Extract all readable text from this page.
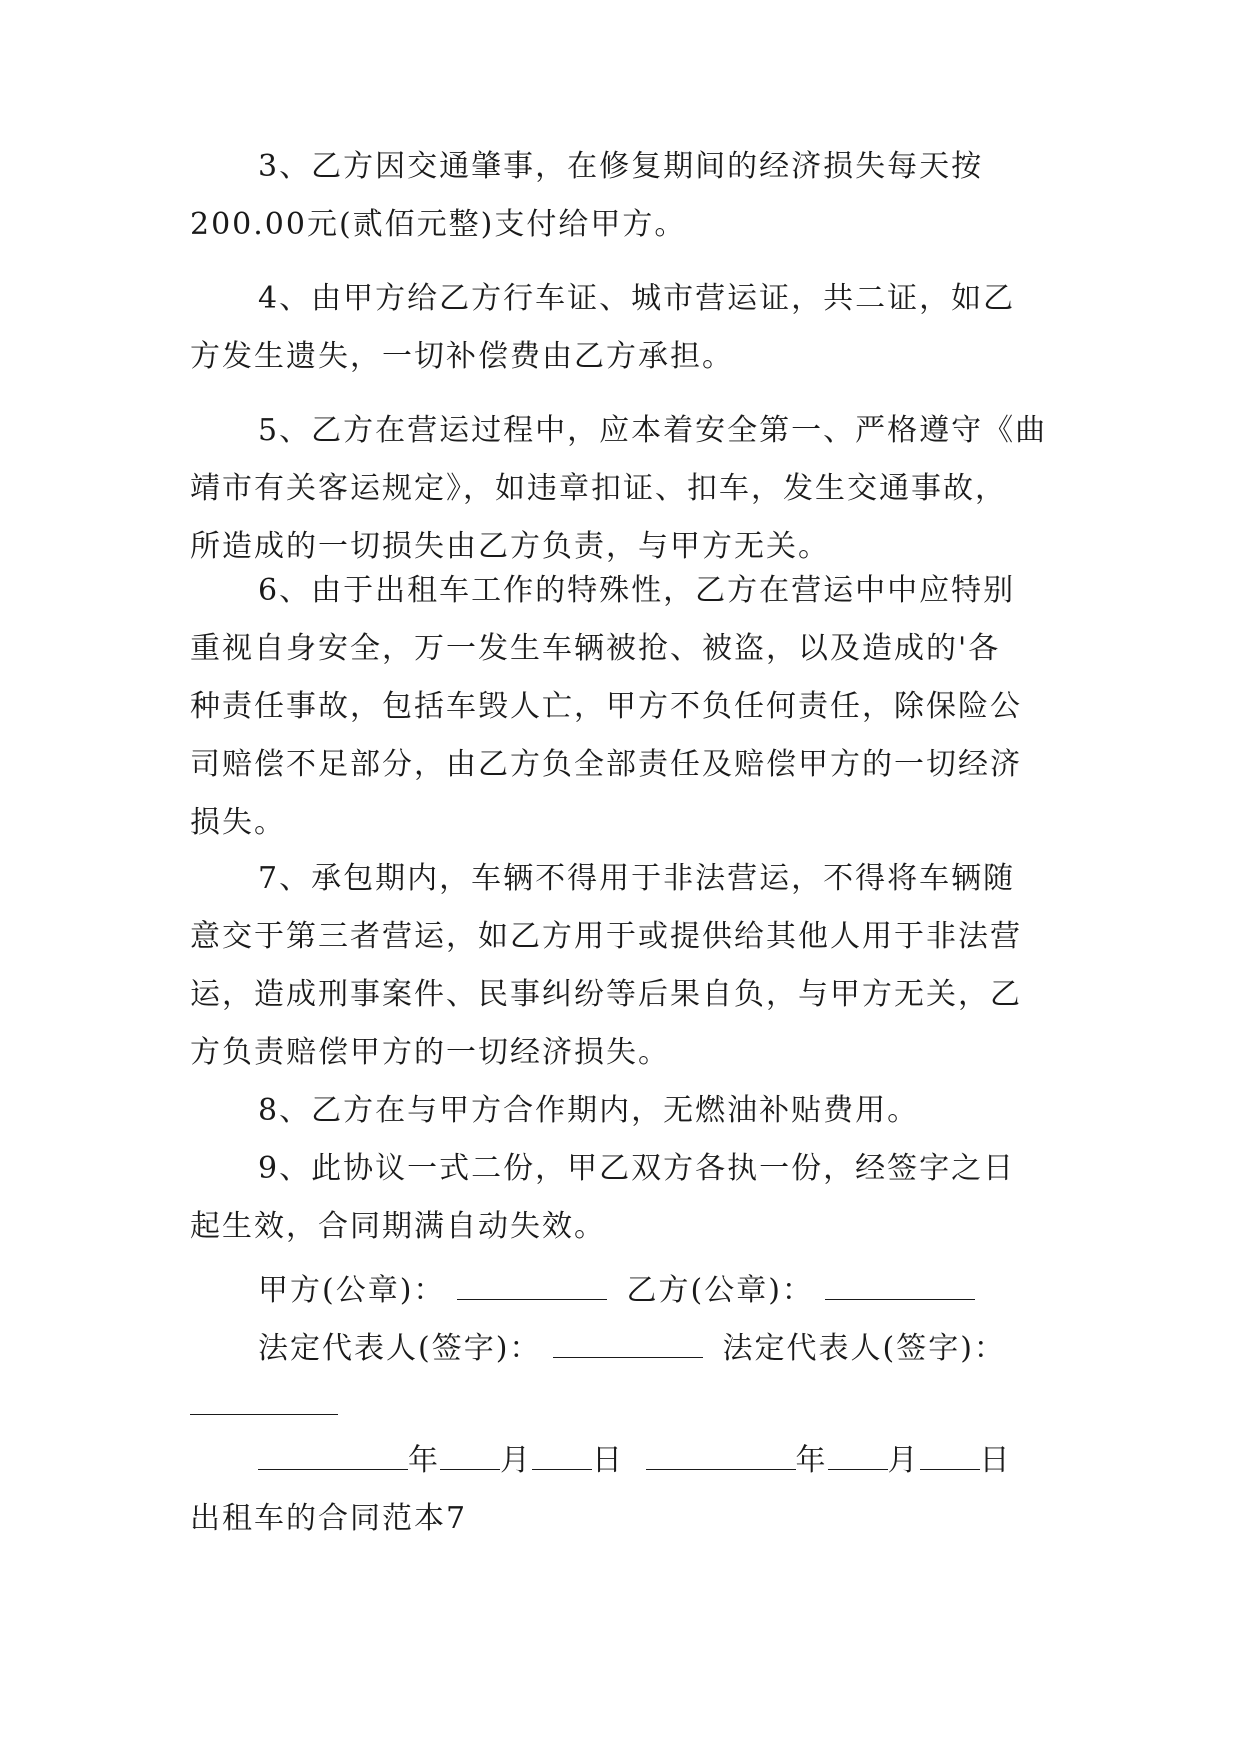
3、乙方因交通肇事，在修复期间的经济损失每天按
200.00元(贰佰元整)支付给甲方。
4、由甲方给乙方行车证、城市营运证，共二证，如乙
方发生遗失，一切补偿费由乙方承担。
5、乙方在营运过程中，应本着安全第一、严格遵守《曲
靖市有关客运规定》，如违章扣证、扣车，发生交通事故，
所造成的一切损失由乙方负责，与甲方无关。
6、由于出租车工作的特殊性，乙方在营运中中应特别
重视自身安全，万一发生车辆被抢、被盗，以及造成的'各
种责任事故，包括车毁人亡，甲方不负任何责任，除保险公
司赔偿不足部分，由乙方负全部责任及赔偿甲方的一切经济
损失。
7、承包期内，车辆不得用于非法营运，不得将车辆随
意交于第三者营运，如乙方用于或提供给其他人用于非法营
运，造成刑事案件、民事纠纷等后果自负，与甲方无关，乙
方负责赔偿甲方的一切经济损失。
8、乙方在与甲方合作期内，无燃油补贴费用。
9、此协议一式二份，甲乙双方各执一份，经签字之日
起生效，合同期满自动失效。
甲方(公章)：	乙方(公章)：
法定代表人(签字)：	法定代表人(签字)：
年 月 日	年 月 日
出租车的合同范本7
